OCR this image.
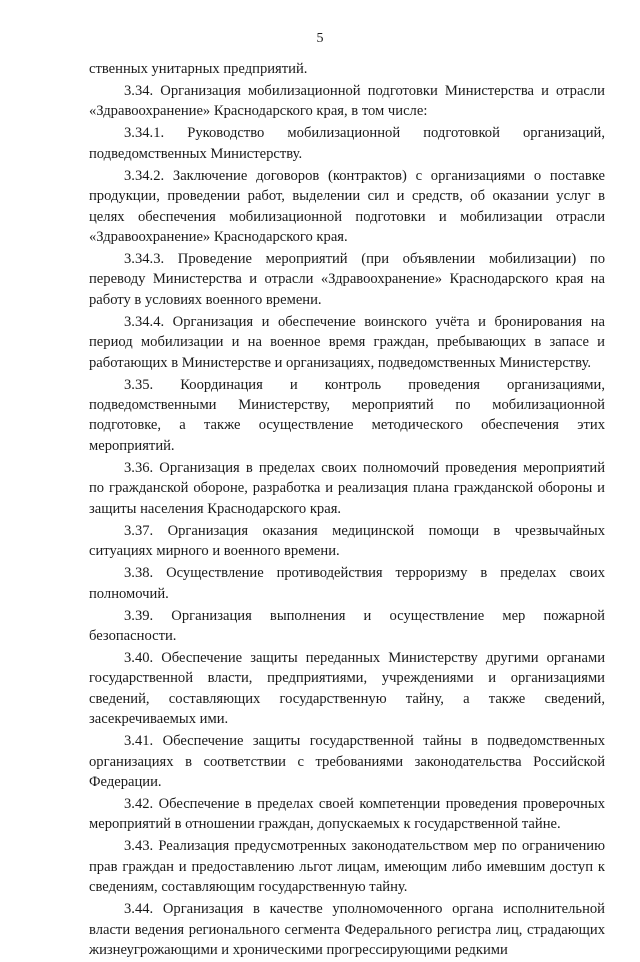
5

ственных унитарных предприятий.

3.34. Организация мобилизационной подготовки Министерства и отрасли «Здравоохранение» Краснодарского края, в том числе:

3.34.1. Руководство мобилизационной подготовкой организаций, подведомственных Министерству.

3.34.2. Заключение договоров (контрактов) с организациями о поставке продукции, проведении работ, выделении сил и средств, об оказании услуг в целях обеспечения мобилизационной подготовки и мобилизации отрасли «Здравоохранение» Краснодарского края.

3.34.3. Проведение мероприятий (при объявлении мобилизации) по переводу Министерства и отрасли «Здравоохранение» Краснодарского края на работу в условиях военного времени.

3.34.4. Организация и обеспечение воинского учёта и бронирования на период мобилизации и на военное время граждан, пребывающих в запасе и работающих в Министерстве и организациях, подведомственных Министерству.

3.35. Координация и контроль проведения организациями, подведомственными Министерству, мероприятий по мобилизационной подготовке, а также осуществление методического обеспечения этих мероприятий.

3.36. Организация в пределах своих полномочий проведения мероприятий по гражданской обороне, разработка и реализация плана гражданской обороны и защиты населения Краснодарского края.

3.37. Организация оказания медицинской помощи в чрезвычайных ситуациях мирного и военного времени.

3.38. Осуществление противодействия терроризму в пределах своих полномочий.

3.39. Организация выполнения и осуществление мер пожарной безопасности.

3.40. Обеспечение защиты переданных Министерству другими органами государственной власти, предприятиями, учреждениями и организациями сведений, составляющих государственную тайну, а также сведений, засекречиваемых ими.

3.41. Обеспечение защиты государственной тайны в подведомственных организациях в соответствии с требованиями законодательства Российской Федерации.

3.42. Обеспечение в пределах своей компетенции проведения проверочных мероприятий в отношении граждан, допускаемых к государственной тайне.

3.43. Реализация предусмотренных законодательством мер по ограничению прав граждан и предоставлению льгот лицам, имеющим либо имевшим доступ к сведениям, составляющим государственную тайну.

3.44. Организация в качестве уполномоченного органа исполнительной власти ведения регионального сегмента Федерального регистра лиц, страдающих жизнеугрожающими и хроническими прогрессирующими редкими
